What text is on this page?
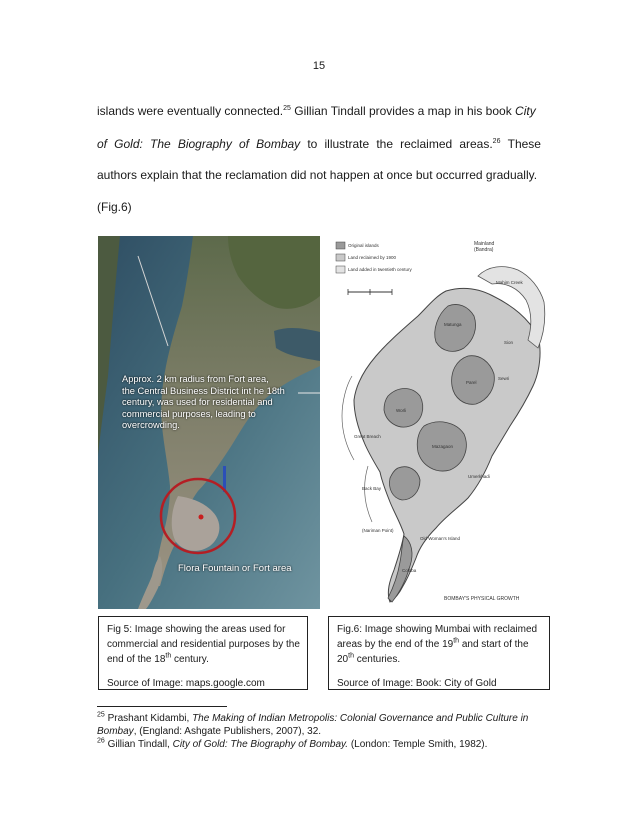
15
islands were eventually connected.$^{25}$ Gillian Tindall provides a map in his book City
of Gold: The Biography of Bombay to illustrate the reclaimed areas.$^{26}$ These
authors explain that the reclamation did not happen at once but occurred gradually.
(Fig.6)
Approx. 2 km radius from Fort area,
the Central Business District int he 18th
century, was used for residential and
commercial purposes, leading to
overcrowding.
Flora Fountain or Fort area
Original islands
Land reclaimed by 1900
Land added in twentieth century
Mainland
(Bandra)
Mahim Creek
Matunga
Sion
Sewri
Parel
Worli
Great Breach
Mazagaon
Back Bay
(Nariman Point)
Old Woman's Island
Umerkhadi
Colaba
BOMBAY'S PHYSICAL GROWTH
Fig 5: Image showing the areas used for
commercial and residential purposes by the
end of the 18th century.
Source of Image: maps.google.com
Fig.6: Image showing Mumbai with reclaimed
areas by the end of the 19th and start of the
20th centuries.
Source of Image: Book: City of Gold
$^{25}$ Prashant Kidambi, The Making of Indian Metropolis: Colonial Governance and Public Culture in Bombay, (England: Ashgate Publishers, 2007), 32.
$^{26}$ Gillian Tindall, City of Gold: The Biography of Bombay. (London: Temple Smith, 1982).
